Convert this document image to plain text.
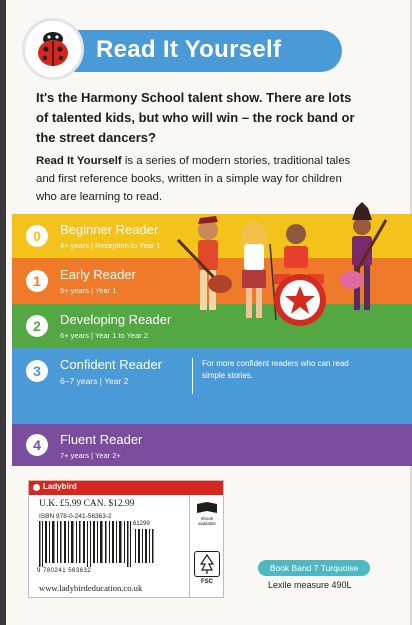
Read It Yourself
It's the Harmony School talent show. There are lots
of talented kids, but who will win – the rock band or
the street dancers?
Read It Yourself is a series of modern stories, traditional tales
and first reference books, written in a simple way for children
who are learning to read.
0	Beginner Reader
4+ years | Reception to Year 1
1	Early Reader
5+ years | Year 1
2	Developing Reader
6+ years | Year 1 to Year 2
3	Confident Reader
6–7 years | Year 2
For more confident readers who can read simple stories.
4	Fluent Reader
7+ years | Year 2+
Ladybird
U.K. £5.99 CAN. $12.99
ISBN 978-0-241-56363-2
61299
9 780241 563632
www.ladybirdeducation.co.uk
ebook available
FSC
Book Band 7 Turquoise
Lexile measure 490L
